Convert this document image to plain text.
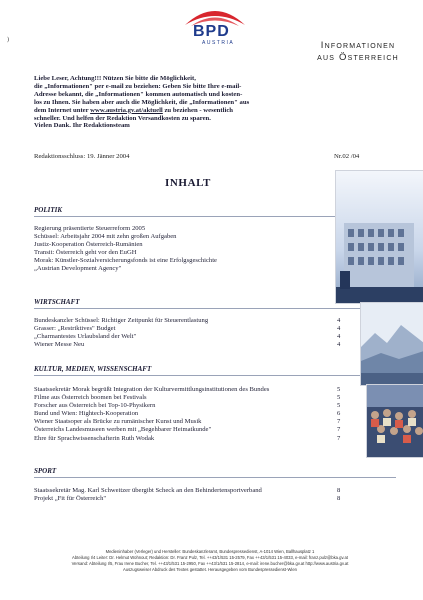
)	BPD
AUSTRIA	Informationen
aus Österreich

Liebe Leser, Achtung!!! Nützen Sie bitte die Möglichkeit,

die „Informationen" per e-mail zu beziehen: Geben Sie bitte Ihre e-mail-

Adresse bekannt, die „Informationen" kommen automatisch und kosten-

los zu Ihnen. Sie haben aber auch die Möglichkeit, die „Informationen" aus

dem Internet unter www.austria.gv.at/aktuell zu beziehen - wesentlich

schneller. Und helfen der Redaktion Versandkosten zu sparen.

Vielen Dank. Ihr Redaktionsteam

Redaktionsschluss: 19. Jänner 2004	Nr.02 /04
INHALT
POLITIK
Regierung präsentierte Steuerreform 2005
Schüssel: Arbeitsjahr 2004 mit zehn großen Aufgaben
Justiz-Kooperation Österreich-Rumänien
Transit: Österreich geht vor den EuGH
Morak: Künstler-Sozialversicherungsfonds ist eine Erfolgsgeschichte
„Austrian Development Agency"
WIRTSCHAFT
Bundeskanzler Schüssel: Richtiger Zeitpunkt für Steuerentlastung	4
Grasser: „Restriktives" Budget	4
„Charmantestes Urlaubsland der Welt"	4
Wiener Messe Neu	4
KULTUR, MEDIEN, WISSENSCHAFT
Staatssekretär Morak begrüßt Integration der Kulturvermittlungsinstitutionen des Bundes	5
Filme aus Österreich boomen bei Festivals	5
Forscher aus Österreich bei Top-10-Physikern	5
Bund und Wien: Hightech-Kooperation	6
Wiener Staatsoper als Brücke zu rumänischer Kunst und Musik	7
Österreichs Landesmuseen werben mit „Begehbarer Heimatkunde"	7
Ehre für Sprachwissenschafterin Ruth Wodak	7
SPORT
Staatssekretär Mag. Karl Schweitzer übergibt Scheck an den Behindertensportverband	8
Projekt „Fit für Österreich"	8
Medieninhaber (Verleger) und Hersteller: Bundeskanzleramt, Bundespressedienst, A-1014 Wien, Ballhausplatz 1
Abteilung I/4 Leiter: Dr. Helmut Wohnout; Redaktion: Dr. Franz Pulz, Tel. ++43/1/531 15-2579, Fax ++43/1/531 15-4033, e-mail: franz.pulz@bka.gv.at
Versand: Abteilung I/5, Frau Irene Bucher, Tel. ++43/1/531 15-2950, Fax ++43/1/531 15-2814, e-mail: irene.bucher@bka.gv.at http://www.austria.gv.at
Auszugsweiser Abdruck des Textes gestattet. Herausgegeben vom Bundespressedienst-Wien
